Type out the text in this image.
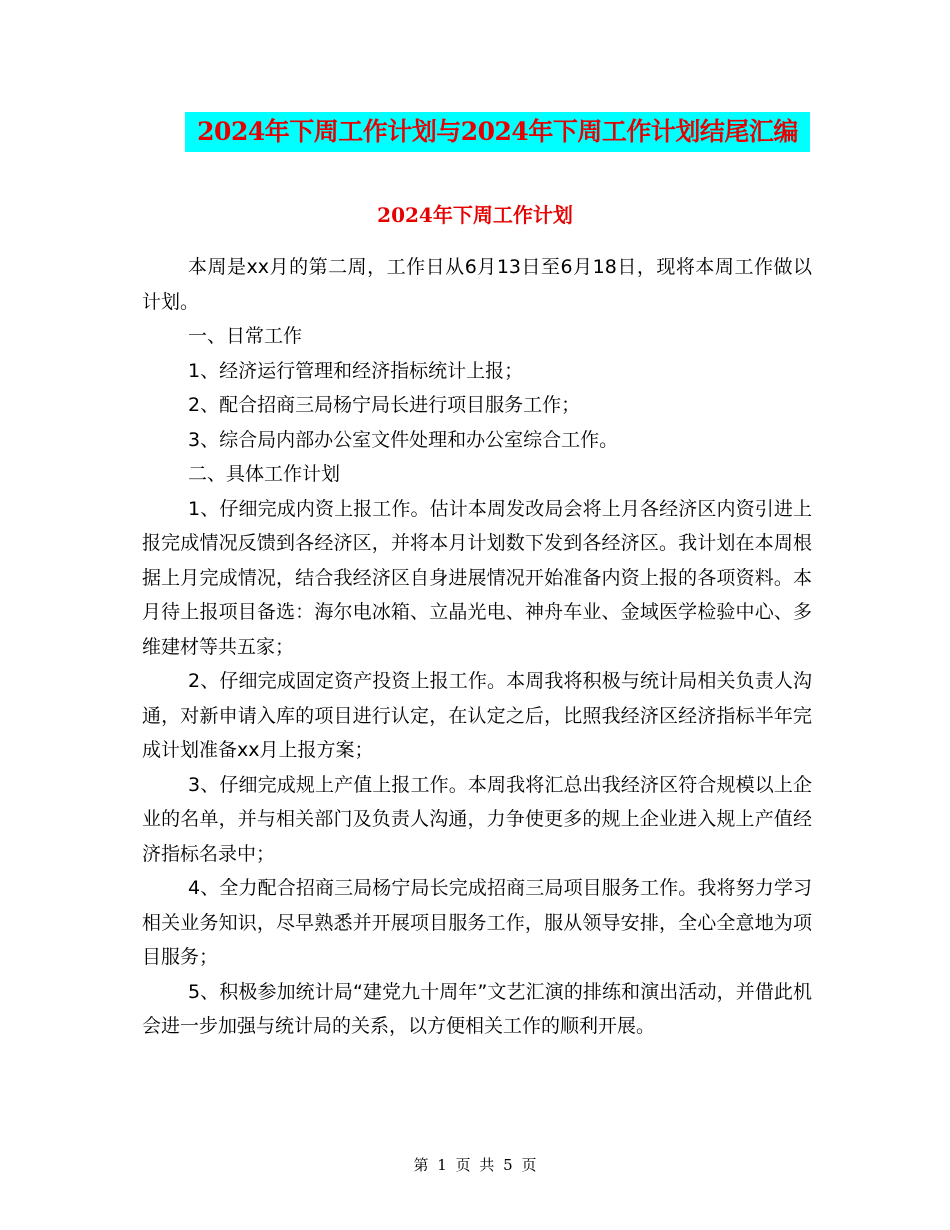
2024年下周工作计划与2024年下周工作计划结尾汇编
2024年下周工作计划

本周是xx月的第二周，工作日从6月13日至6月18日，现将本周工作做以计划。

一、日常工作

1、经济运行管理和经济指标统计上报；

2、配合招商三局杨宁局长进行项目服务工作；

3、综合局内部办公室文件处理和办公室综合工作。

二、具体工作计划

1、仔细完成内资上报工作。估计本周发改局会将上月各经济区内资引进上报完成情况反馈到各经济区，并将本月计划数下发到各经济区。我计划在本周根据上月完成情况，结合我经济区自身进展情况开始准备内资上报的各项资料。本月待上报项目备选：海尔电冰箱、立晶光电、神舟车业、金域医学检验中心、多维建材等共五家；

2、仔细完成固定资产投资上报工作。本周我将积极与统计局相关负责人沟通，对新申请入库的项目进行认定，在认定之后，比照我经济区经济指标半年完成计划准备xx月上报方案；

3、仔细完成规上产值上报工作。本周我将汇总出我经济区符合规模以上企业的名单，并与相关部门及负责人沟通，力争使更多的规上企业进入规上产值经济指标名录中；

4、全力配合招商三局杨宁局长完成招商三局项目服务工作。我将努力学习相关业务知识，尽早熟悉并开展项目服务工作，服从领导安排，全心全意地为项目服务；

5、积极参加统计局“建党九十周年”文艺汇演的排练和演出活动，并借此机会进一步加强与统计局的关系，以方便相关工作的顺利开展。

第 1 页 共 5 页
